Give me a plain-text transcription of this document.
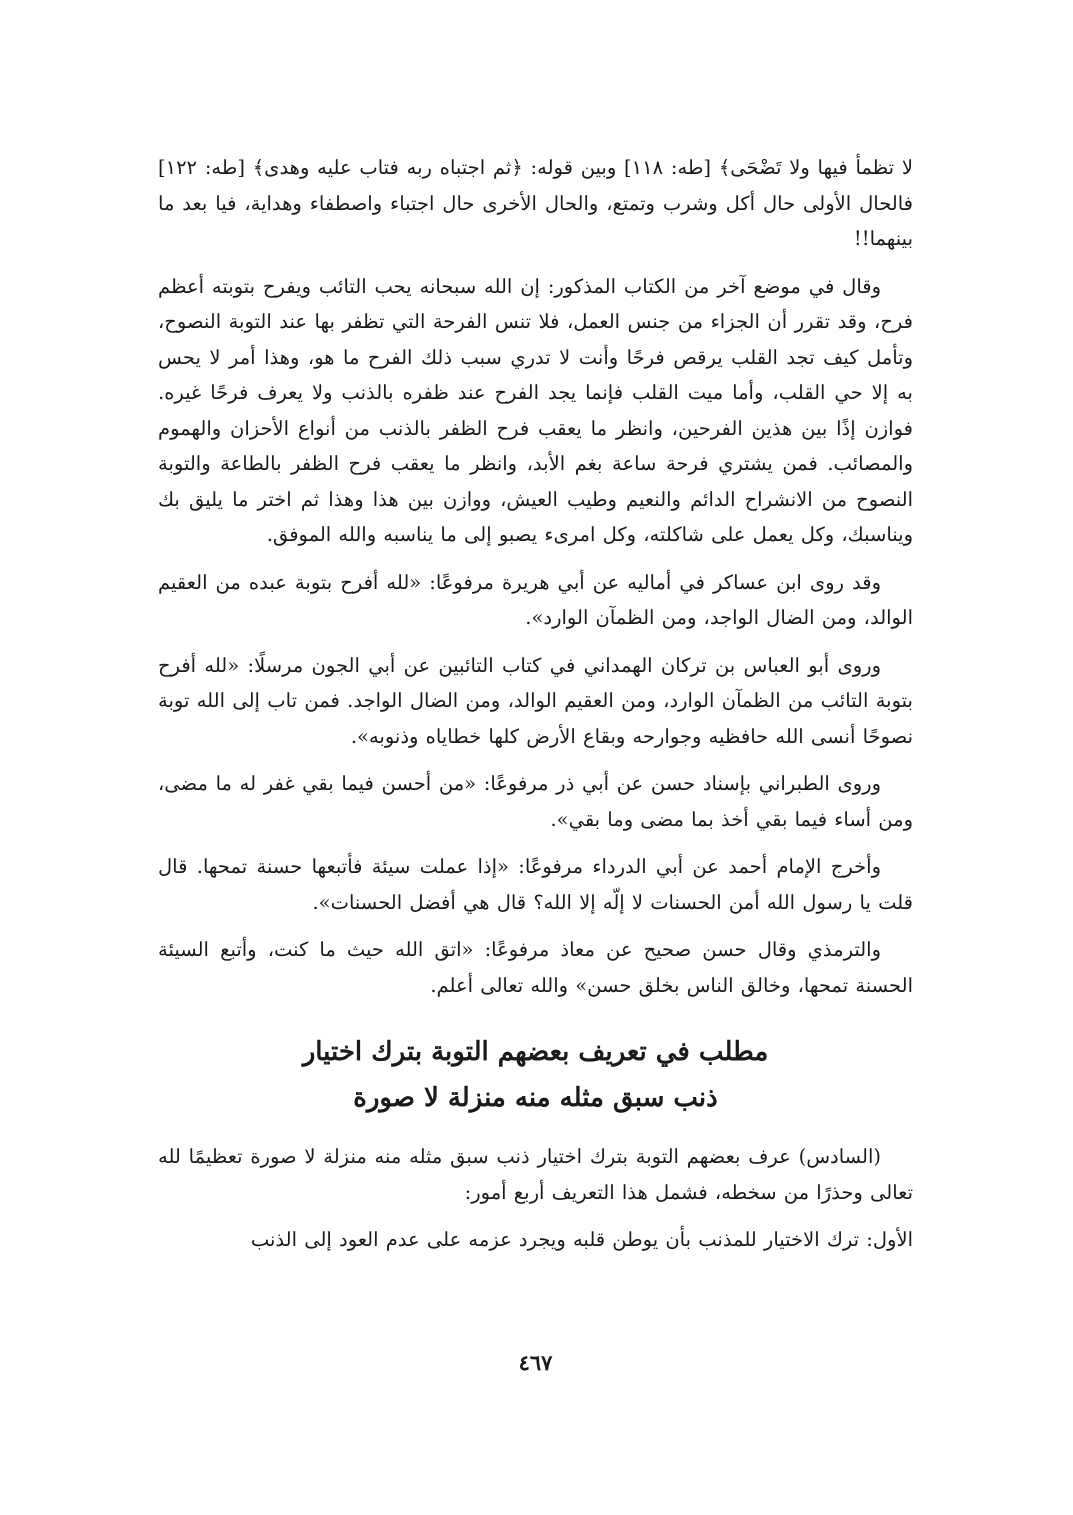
لا تظمأ فيها ولا تَضْحَى﴾ [طه: ١١٨] وبين قوله: ﴿ثم اجتباه ربه فتاب عليه وهدى﴾ [طه: ١٢٢] فالحال الأولى حال أكل وشرب وتمتع، والحال الأخرى حال اجتباء واصطفاء وهداية، فيا بعد ما بينهما!!

وقال في موضع آخر من الكتاب المذكور: إن الله سبحانه يحب التائب ويفرح بتوبته أعظم فرح، وقد تقرر أن الجزاء من جنس العمل، فلا تنس الفرحة التي تظفر بها عند التوبة النصوح، وتأمل كيف تجد القلب يرقص فرحًا وأنت لا تدري سبب ذلك الفرح ما هو، وهذا أمر لا يحس به إلا حي القلب، وأما ميت القلب فإنما يجد الفرح عند ظفره بالذنب ولا يعرف فرحًا غيره. فوازن إذًا بين هذين الفرحين، وانظر ما يعقب فرح الظفر بالذنب من أنواع الأحزان والهموم والمصائب. فمن يشتري فرحة ساعة بغم الأبد، وانظر ما يعقب فرح الظفر بالطاعة والتوبة النصوح من الانشراح الدائم والنعيم وطيب العيش، ووازن بين هذا وهذا ثم اختر ما يليق بك ويناسبك، وكل يعمل على شاكلته، وكل امرىء يصبو إلى ما يناسبه والله الموفق.

وقد روى ابن عساكر في أماليه عن أبي هريرة مرفوعًا: «لله أفرح بتوبة عبده من العقيم الوالد، ومن الضال الواجد، ومن الظمآن الوارد».

وروى أبو العباس بن تركان الهمداني في كتاب التائبين عن أبي الجون مرسلًا: «لله أفرح بتوبة التائب من الظمآن الوارد، ومن العقيم الوالد، ومن الضال الواجد. فمن تاب إلى الله توبة نصوحًا أنسى الله حافظيه وجوارحه وبقاع الأرض كلها خطاياه وذنوبه».

وروى الطبراني بإسناد حسن عن أبي ذر مرفوعًا: «من أحسن فيما بقي غفر له ما مضى، ومن أساء فيما بقي أخذ بما مضى وما بقي».

وأخرج الإمام أحمد عن أبي الدرداء مرفوعًا: «إذا عملت سيئة فأتبعها حسنة تمحها. قال قلت يا رسول الله أمن الحسنات لا إلّه إلا الله؟ قال هي أفضل الحسنات».

والترمذي وقال حسن صحيح عن معاذ مرفوعًا: «اتق الله حيث ما كنت، وأتبع السيئة الحسنة تمحها، وخالق الناس بخلق حسن» والله تعالى أعلم.

مطلب في تعريف بعضهم التوبة بترك اختيار
ذنب سبق مثله منه منزلة لا صورة

(السادس) عرف بعضهم التوبة بترك اختيار ذنب سبق مثله منه منزلة لا صورة تعظيمًا لله تعالى وحذرًا من سخطه، فشمل هذا التعريف أربع أمور:

الأول: ترك الاختيار للمذنب بأن يوطن قلبه ويجرد عزمه على عدم العود إلى الذنب

٤٦٧
